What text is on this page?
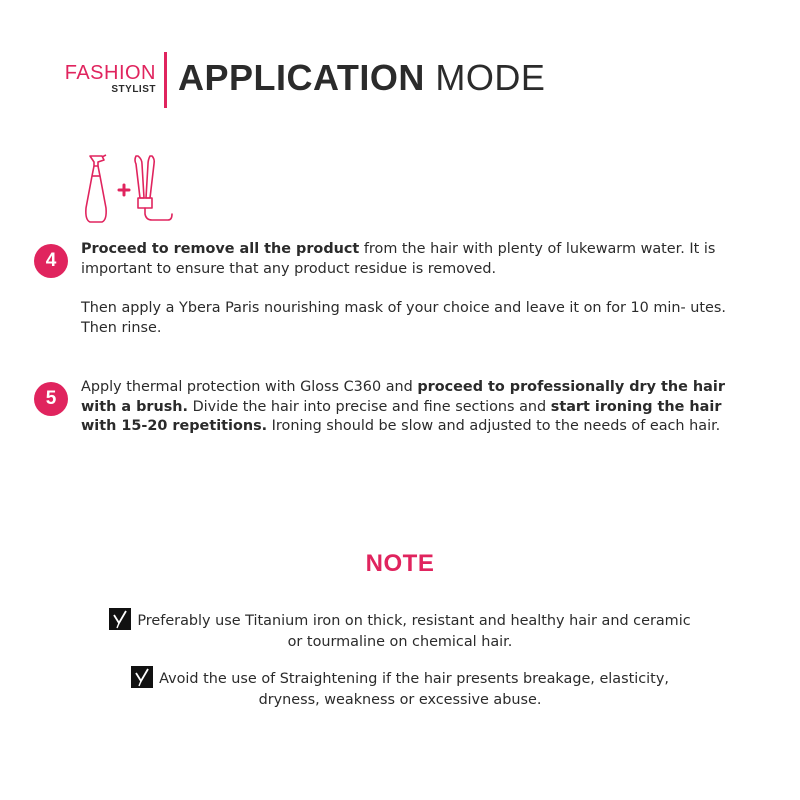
FASHION
STYLIST APPLICATION MODE
4

Proceed to remove all the product from the hair with plenty of lukewarm water. It is important to ensure that any product residue is removed.

Then apply a Ybera Paris nourishing mask of your choice and leave it on for 10 min- utes. Then rinse.

5

Apply thermal protection with Gloss C360 and proceed to professionally dry the hair with a brush. Divide the hair into precise and fine sections and start ironing the hair with 15-20 repetitions. Ironing should be slow and adjusted to the needs of each hair.

NOTE
Preferably use Titanium iron on thick, resistant and healthy hair and ceramic or tourmaline on chemical hair.
Avoid the use of Straightening if the hair presents breakage, elasticity, dryness, weakness or excessive abuse.
